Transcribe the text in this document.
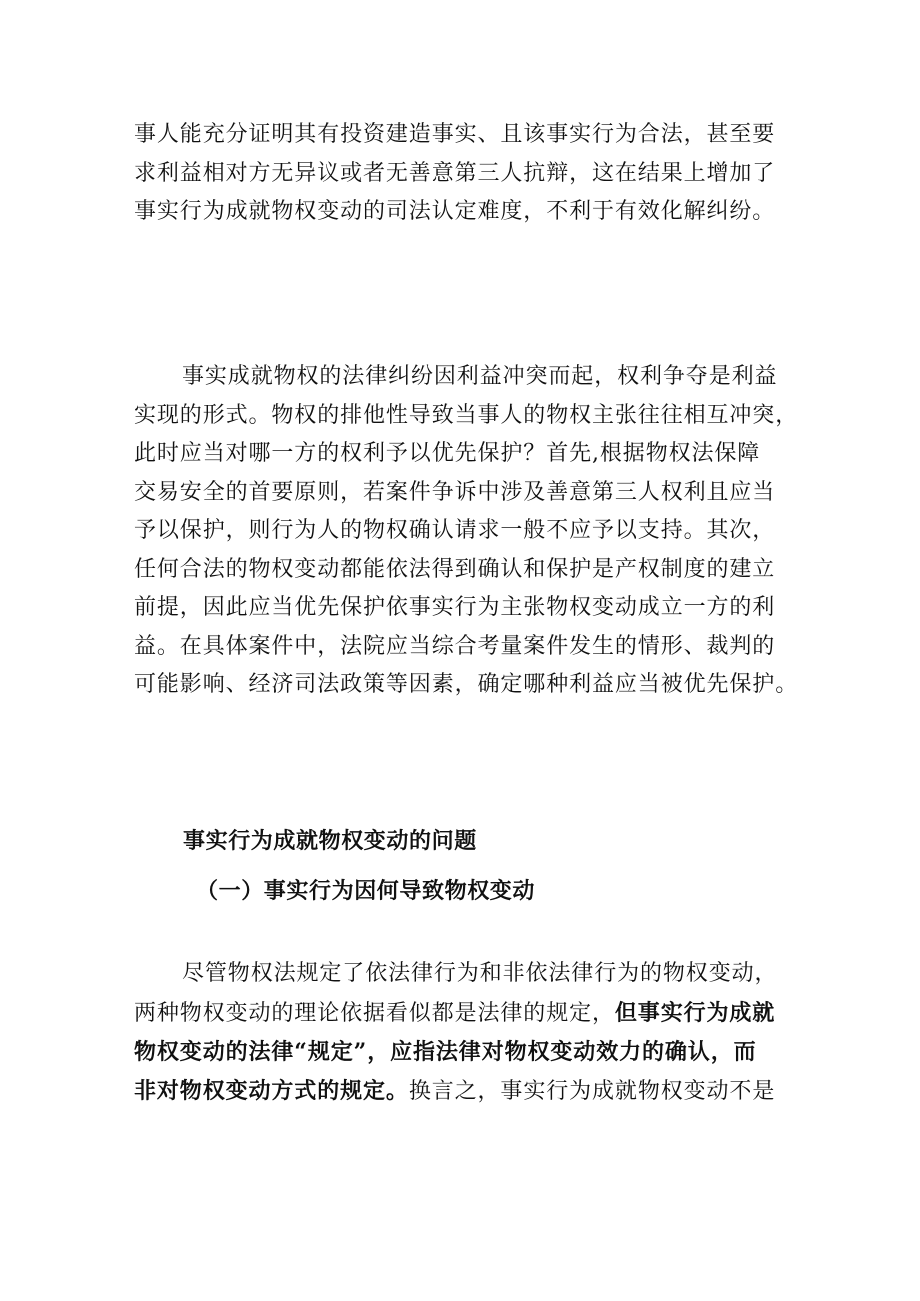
事人能充分证明其有投资建造事实、且该事实行为合法，甚至要
求利益相对方无异议或者无善意第三人抗辩，这在结果上增加了
事实行为成就物权变动的司法认定难度，不利于有效化解纠纷。
事实成就物权的法律纠纷因利益冲突而起，权利争夺是利益
实现的形式。物权的排他性导致当事人的物权主张往往相互冲突，
此时应当对哪一方的权利予以优先保护？首先,根据物权法保障
交易安全的首要原则，若案件争诉中涉及善意第三人权利且应当
予以保护，则行为人的物权确认请求一般不应予以支持。其次，
任何合法的物权变动都能依法得到确认和保护是产权制度的建立
前提，因此应当优先保护依事实行为主张物权变动成立一方的利
益。在具体案件中，法院应当综合考量案件发生的情形、裁判的
可能影响、经济司法政策等因素，确定哪种利益应当被优先保护。
事实行为成就物权变动的问题
（一）事实行为因何导致物权变动
尽管物权法规定了依法律行为和非依法律行为的物权变动，
两种物权变动的理论依据看似都是法律的规定，但事实行为成就
物权变动的法律“规定”，应指法律对物权变动效力的确认，而
非对物权变动方式的规定。换言之，事实行为成就物权变动不是
